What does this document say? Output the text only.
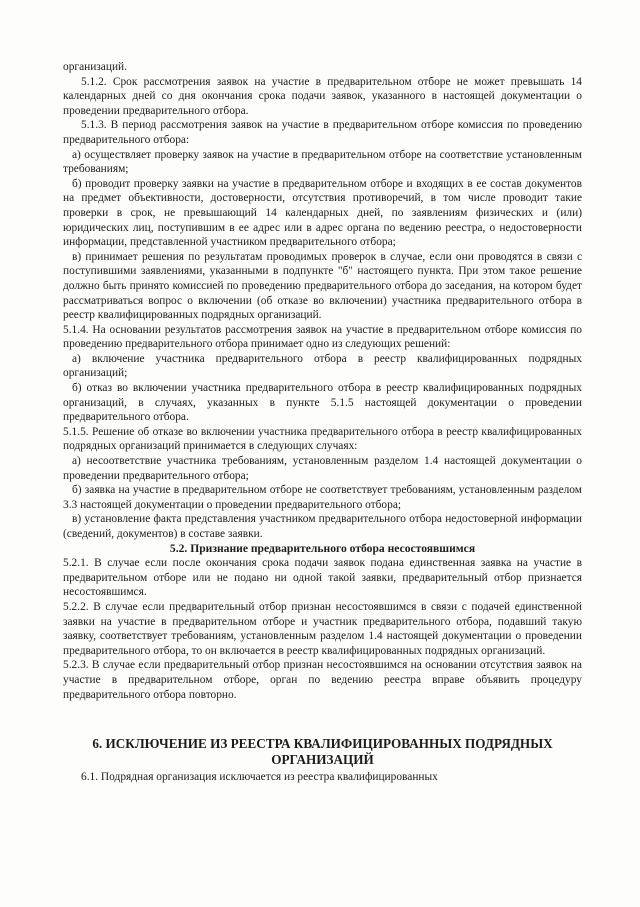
организаций.

5.1.2. Срок рассмотрения заявок на участие в предварительном отборе не может превышать 14 календарных дней со дня окончания срока подачи заявок, указанного в настоящей документации о проведении предварительного отбора.

5.1.3. В период рассмотрения заявок на участие в предварительном отборе комиссия по проведению предварительного отбора:

а) осуществляет проверку заявок на участие в предварительном отборе на соответствие установленным требованиям;

б) проводит проверку заявки на участие в предварительном отборе и входящих в ее состав документов на предмет объективности, достоверности, отсутствия противоречий, в том числе проводит такие проверки в срок, не превышающий 14 календарных дней, по заявлениям физических и (или) юридических лиц, поступившим в ее адрес или в адрес органа по ведению реестра, о недостоверности информации, представленной участником предварительного отбора;

в) принимает решения по результатам проводимых проверок в случае, если они проводятся в связи с поступившими заявлениями, указанными в подпункте "б" настоящего пункта. При этом такое решение должно быть принято комиссией по проведению предварительного отбора до заседания, на котором будет рассматриваться вопрос о включении (об отказе во включении) участника предварительного отбора в реестр квалифицированных подрядных организаций.

5.1.4. На основании результатов рассмотрения заявок на участие в предварительном отборе комиссия по проведению предварительного отбора принимает одно из следующих решений:

а) включение участника предварительного отбора в реестр квалифицированных подрядных организаций;

б) отказ во включении участника предварительного отбора в реестр квалифицированных подрядных организаций, в случаях, указанных в пункте 5.1.5 настоящей документации о проведении предварительного отбора.

5.1.5. Решение об отказе во включении участника предварительного отбора в реестр квалифицированных подрядных организаций принимается в следующих случаях:

а) несоответствие участника требованиям, установленным разделом 1.4 настоящей документации о проведении предварительного отбора;

б) заявка на участие в предварительном отборе не соответствует требованиям, установленным разделом 3.3 настоящей документации о проведении предварительного отбора;

в) установление факта представления участником предварительного отбора недостоверной информации (сведений, документов) в составе заявки.

5.2. Признание предварительного отбора несостоявшимся

5.2.1. В случае если после окончания срока подачи заявок подана единственная заявка на участие в предварительном отборе или не подано ни одной такой заявки, предварительный отбор признается несостоявшимся.

5.2.2. В случае если предварительный отбор признан несостоявшимся в связи с подачей единственной заявки на участие в предварительном отборе и участник предварительного отбора, подавший такую заявку, соответствует требованиям, установленным разделом 1.4 настоящей документации о проведении предварительного отбора, то он включается в реестр квалифицированных подрядных организаций.

5.2.3. В случае если предварительный отбор признан несостоявшимся на основании отсутствия заявок на участие в предварительном отборе, орган по ведению реестра вправе объявить процедуру предварительного отбора повторно.

6. ИСКЛЮЧЕНИЕ ИЗ РЕЕСТРА КВАЛИФИЦИРОВАННЫХ ПОДРЯДНЫХ
ОРГАНИЗАЦИЙ

6.1. Подрядная организация исключается из реестра квалифицированных
